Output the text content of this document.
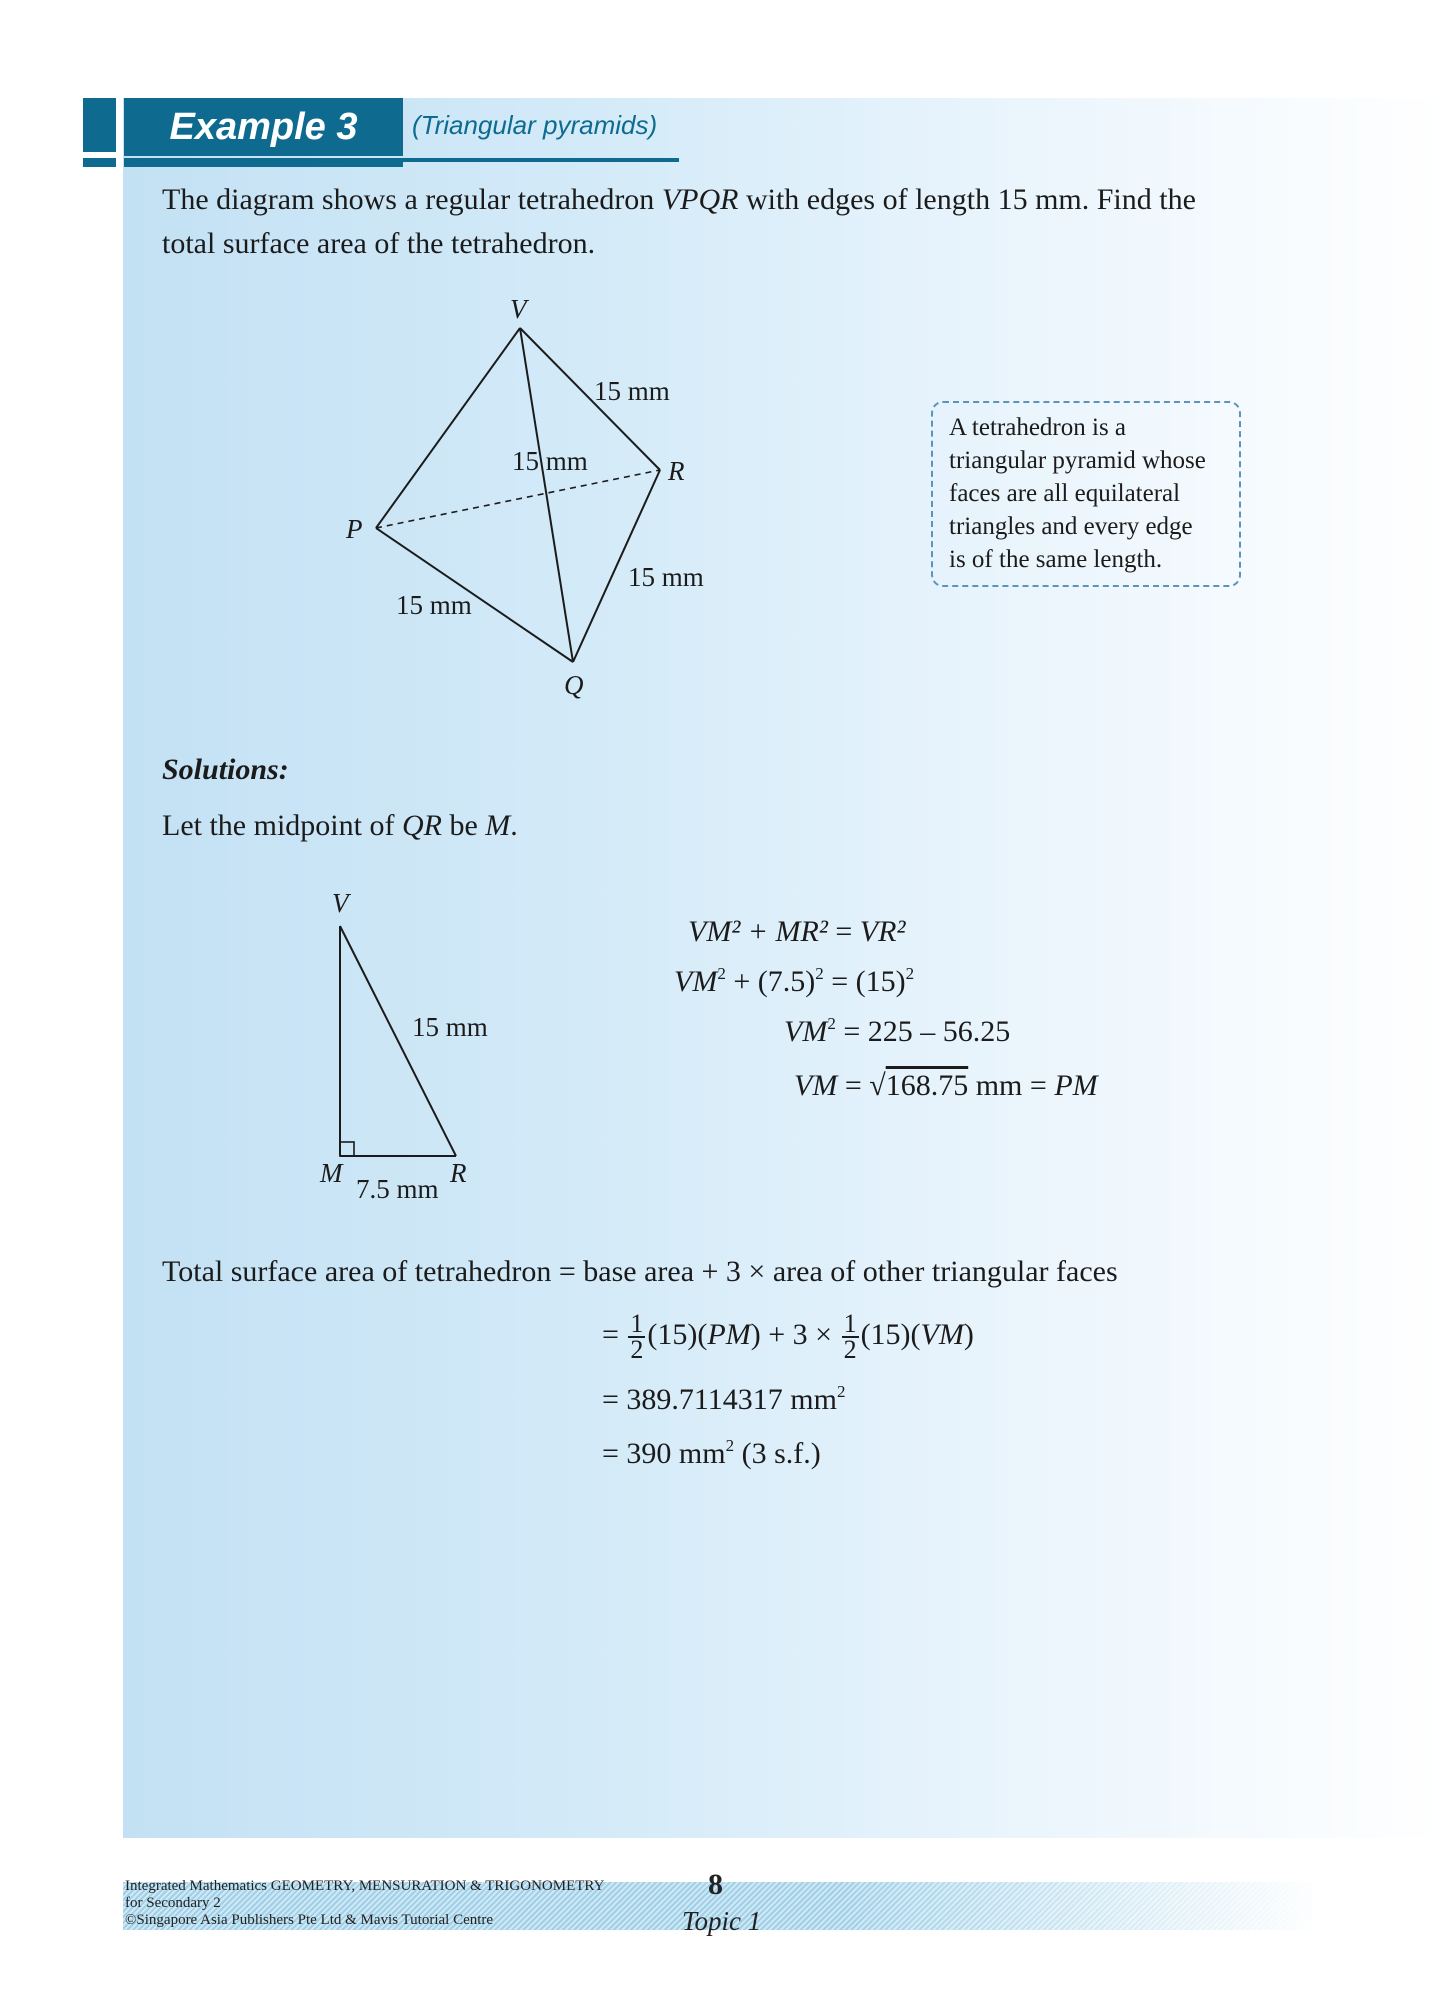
Example 3	(Triangular pyramids)
The diagram shows a regular tetrahedron VPQR with edges of length 15 mm. Find the
total surface area of the tetrahedron.
V
P
Q
R
15 mm
15 mm
15 mm
15 mm
A tetrahedron is a
triangular pyramid whose
faces are all equilateral
triangles and every edge
is of the same length.
Solutions:
Let the midpoint of QR be M.
V
M	R
15 mm
7.5 mm
VM² + MR² = VR²
$VM^2 + (7.5)^2 = (15)^2$
$VM^2 = 225 - 56.25$
VM = √168.75 mm = PM
Total surface area of tetrahedron = base area + 3 × area of other triangular faces
= $\frac{1}{2} (15)(PM) + 3 \times \frac{1}{2} (15)(VM)$
= 389.7114317 $mm^2$
= 390 $mm^2$ (3 s.f.)
Integrated Mathematics GEOMETRY, MENSURATION & TRIGONOMETRY
for Secondary 2
©Singapore Asia Publishers Pte Ltd & Mavis Tutorial Centre
8
Topic 1
